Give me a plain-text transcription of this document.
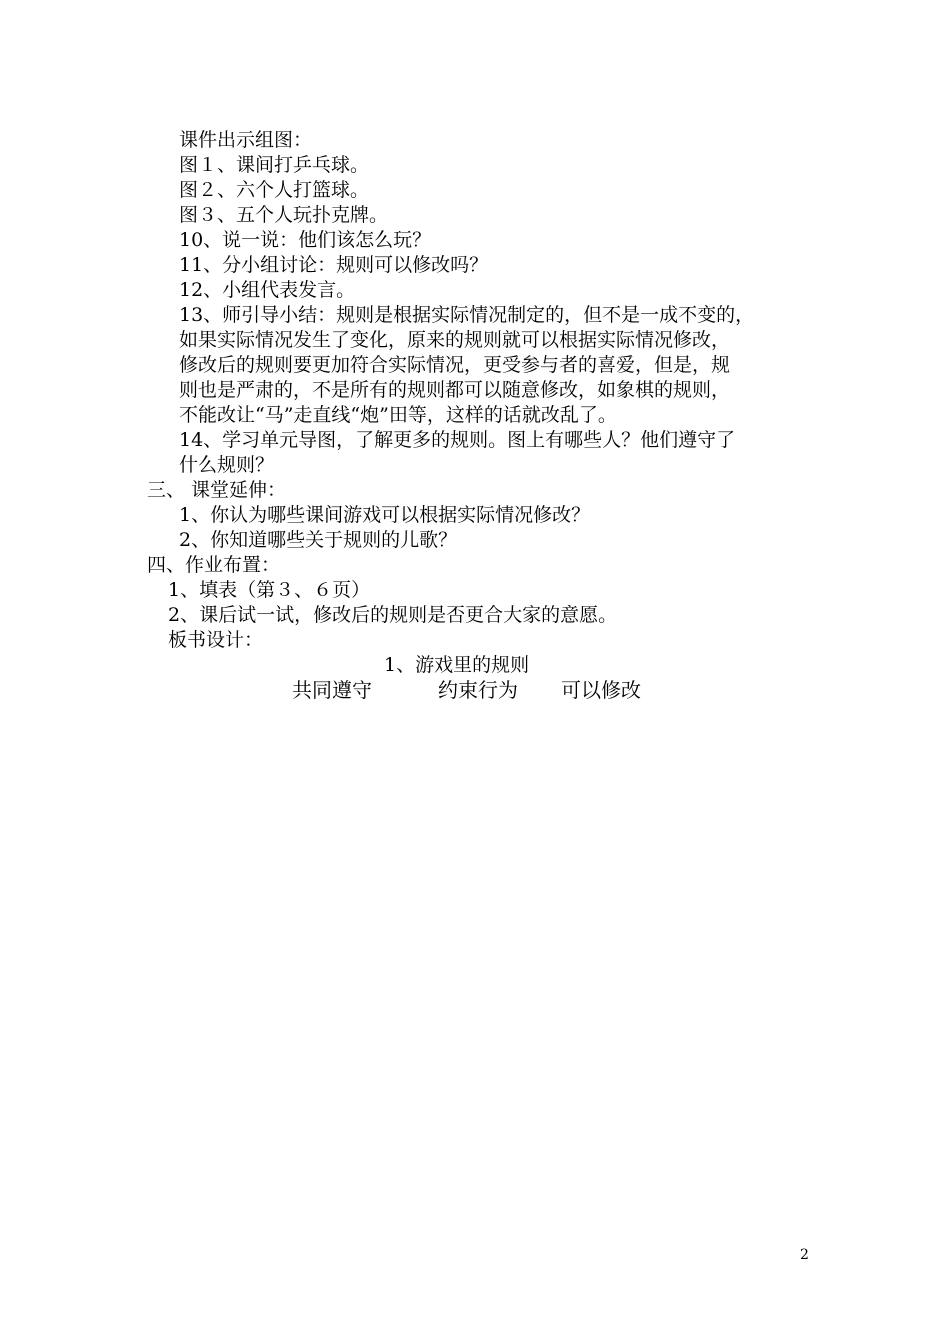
课件出示组图：
图１、课间打乒乓球。
图２、六个人打篮球。
图３、五个人玩扑克牌。
10、说一说：他们该怎么玩？
11、分小组讨论：规则可以修改吗？
12、小组代表发言。
13、师引导小结：规则是根据实际情况制定的，但不是一成不变的，
如果实际情况发生了变化，原来的规则就可以根据实际情况修改，
修改后的规则要更加符合实际情况，更受参与者的喜爱，但是，规
则也是严肃的，不是所有的规则都可以随意修改，如象棋的规则，
不能改让“马”走直线“炮”田等，这样的话就改乱了。
14、学习单元导图，了解更多的规则。图上有哪些人？他们遵守了
什么规则？
三、 课堂延伸：
1、你认为哪些课间游戏可以根据实际情况修改？
2、你知道哪些关于规则的儿歌？
四、作业布置：
1、填表（第３、６页）
2、课后试一试，修改后的规则是否更合大家的意愿。
板书设计：
1、游戏里的规则
共同遵守	约束行为 可以修改
2
